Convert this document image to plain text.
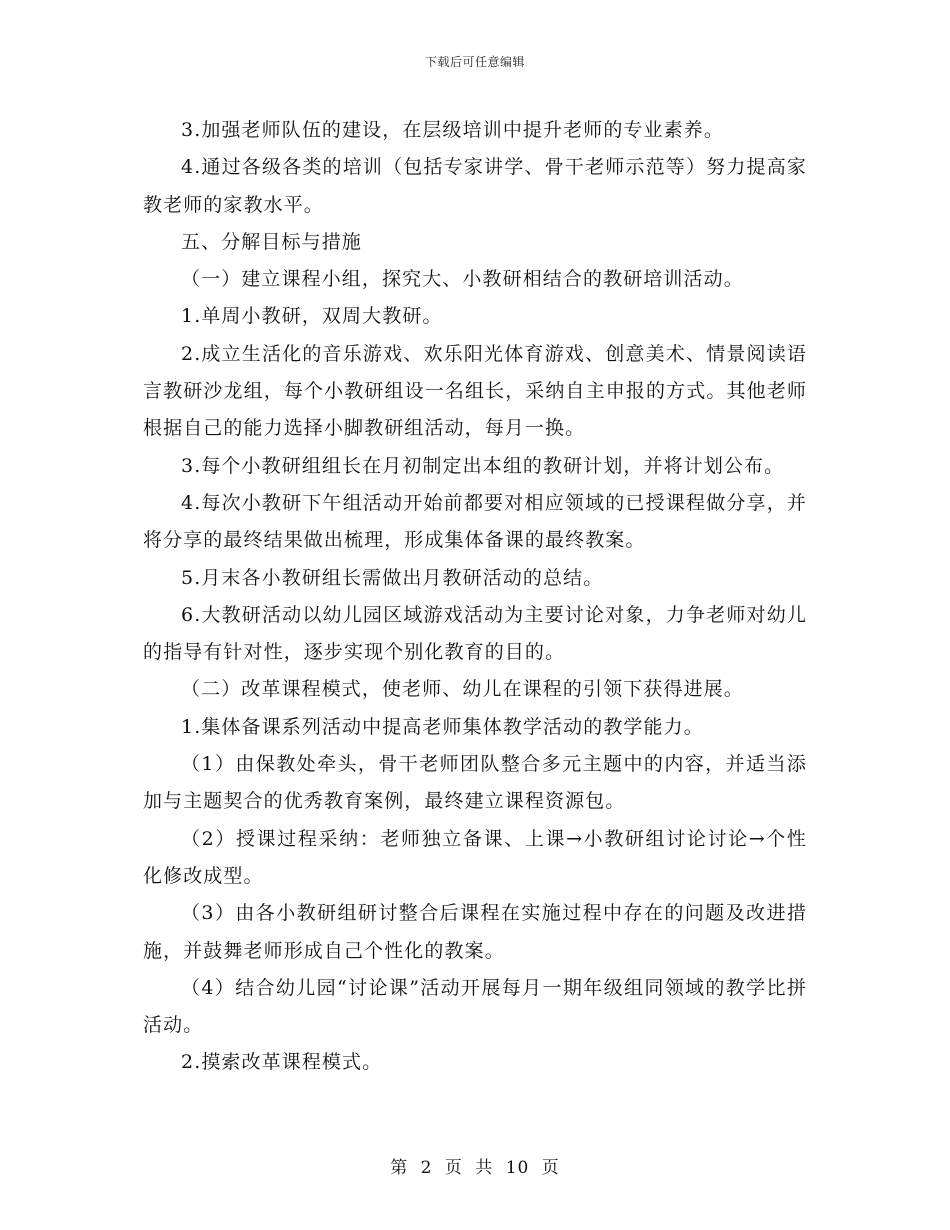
下载后可任意编辑

3.加强老师队伍的建设，在层级培训中提升老师的专业素养。

4.通过各级各类的培训（包括专家讲学、骨干老师示范等）努力提高家教老师的家教水平。

五、分解目标与措施

（一）建立课程小组，探究大、小教研相结合的教研培训活动。

1.单周小教研，双周大教研。

2.成立生活化的音乐游戏、欢乐阳光体育游戏、创意美术、情景阅读语言教研沙龙组，每个小教研组设一名组长，采纳自主申报的方式。其他老师根据自己的能力选择小脚教研组活动，每月一换。

3.每个小教研组组长在月初制定出本组的教研计划，并将计划公布。

4.每次小教研下午组活动开始前都要对相应领域的已授课程做分享，并将分享的最终结果做出梳理，形成集体备课的最终教案。

5.月末各小教研组长需做出月教研活动的总结。

6.大教研活动以幼儿园区域游戏活动为主要讨论对象，力争老师对幼儿的指导有针对性，逐步实现个别化教育的目的。

（二）改革课程模式，使老师、幼儿在课程的引领下获得进展。

1.集体备课系列活动中提高老师集体教学活动的教学能力。

（1）由保教处牵头，骨干老师团队整合多元主题中的内容，并适当添加与主题契合的优秀教育案例，最终建立课程资源包。

（2）授课过程采纳：老师独立备课、上课→小教研组讨论讨论→个性化修改成型。

（3）由各小教研组研讨整合后课程在实施过程中存在的问题及改进措施，并鼓舞老师形成自己个性化的教案。

（4）结合幼儿园“讨论课”活动开展每月一期年级组同领域的教学比拼活动。

2.摸索改革课程模式。

第 2 页 共 10 页
